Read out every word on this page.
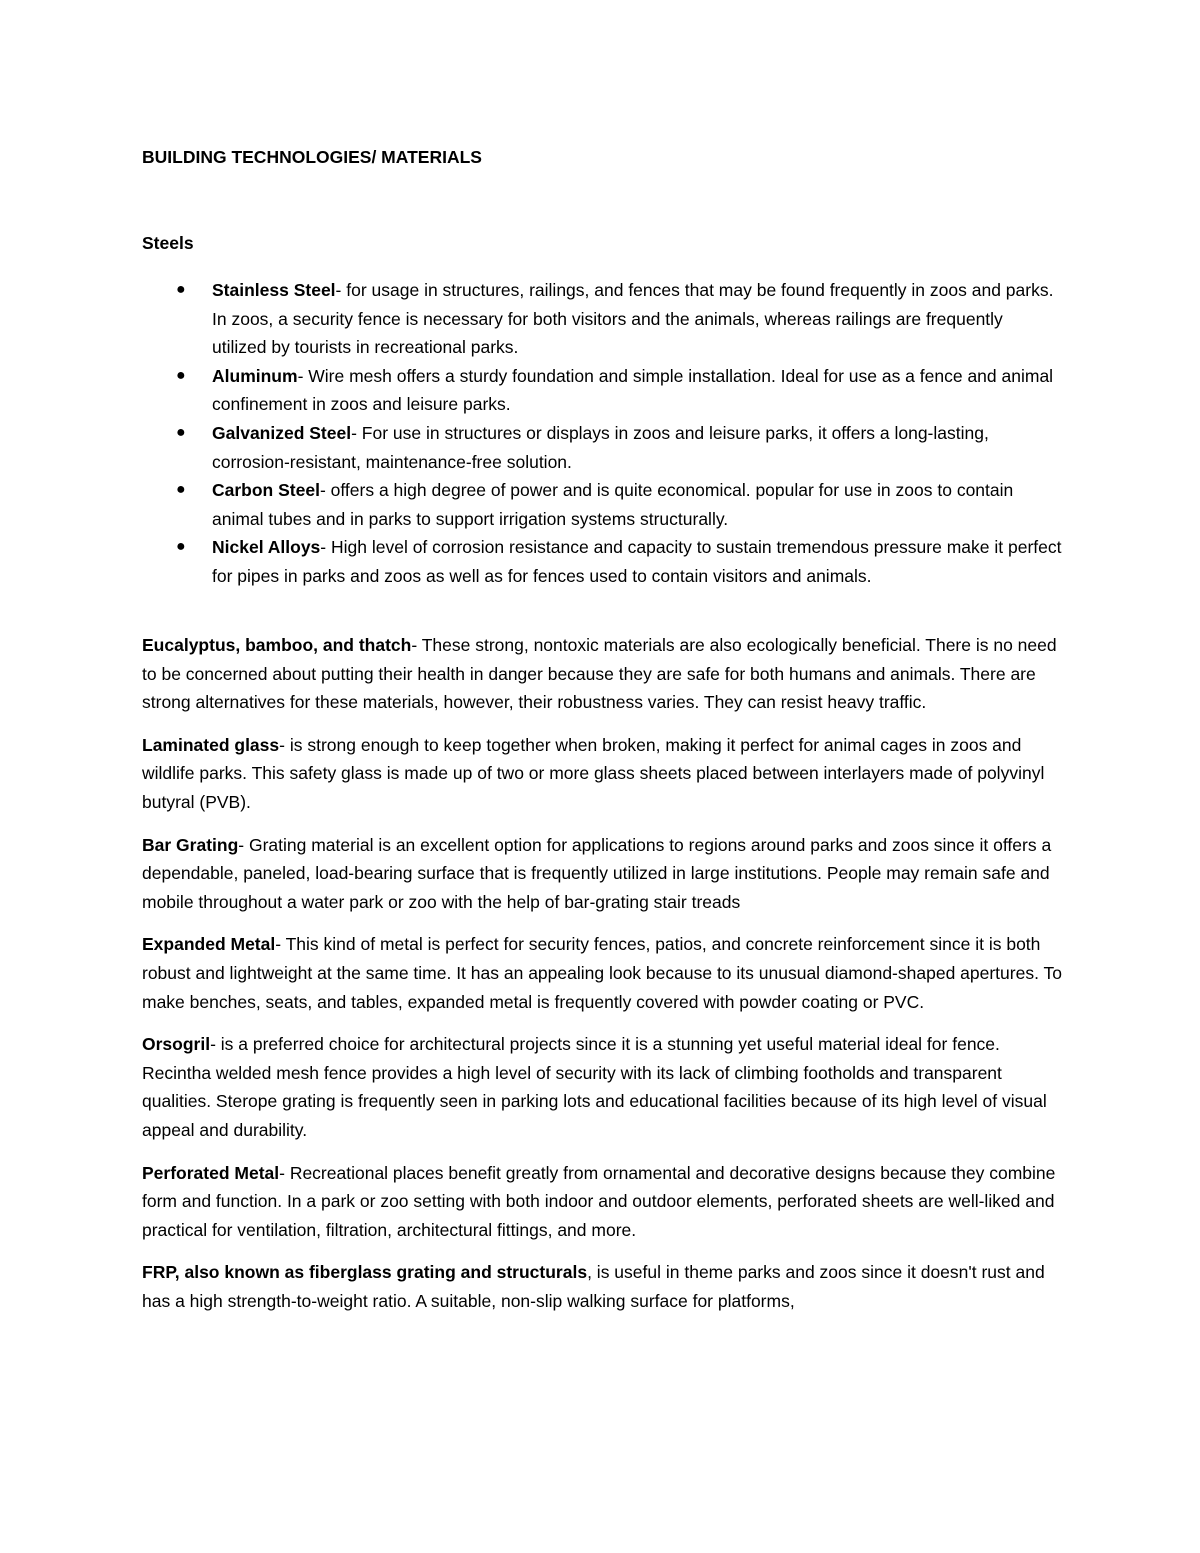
BUILDING TECHNOLOGIES/ MATERIALS

Steels

● Stainless Steel- for usage in structures, railings, and fences that may be found frequently in zoos and parks. In zoos, a security fence is necessary for both visitors and the animals, whereas railings are frequently utilized by tourists in recreational parks.
● Aluminum- Wire mesh offers a sturdy foundation and simple installation. Ideal for use as a fence and animal confinement in zoos and leisure parks.
● Galvanized Steel- For use in structures or displays in zoos and leisure parks, it offers a long-lasting, corrosion-resistant, maintenance-free solution.
● Carbon Steel- offers a high degree of power and is quite economical. popular for use in zoos to contain animal tubes and in parks to support irrigation systems structurally.
● Nickel Alloys- High level of corrosion resistance and capacity to sustain tremendous pressure make it perfect for pipes in parks and zoos as well as for fences used to contain visitors and animals.

Eucalyptus, bamboo, and thatch- These strong, nontoxic materials are also ecologically beneficial. There is no need to be concerned about putting their health in danger because they are safe for both humans and animals. There are strong alternatives for these materials, however, their robustness varies. They can resist heavy traffic.

Laminated glass- is strong enough to keep together when broken, making it perfect for animal cages in zoos and wildlife parks. This safety glass is made up of two or more glass sheets placed between interlayers made of polyvinyl butyral (PVB).

Bar Grating- Grating material is an excellent option for applications to regions around parks and zoos since it offers a dependable, paneled, load-bearing surface that is frequently utilized in large institutions. People may remain safe and mobile throughout a water park or zoo with the help of bar-grating stair treads

Expanded Metal- This kind of metal is perfect for security fences, patios, and concrete reinforcement since it is both robust and lightweight at the same time. It has an appealing look because to its unusual diamond-shaped apertures. To make benches, seats, and tables, expanded metal is frequently covered with powder coating or PVC.

Orsogril- is a preferred choice for architectural projects since it is a stunning yet useful material ideal for fence. Recintha welded mesh fence provides a high level of security with its lack of climbing footholds and transparent qualities. Sterope grating is frequently seen in parking lots and educational facilities because of its high level of visual appeal and durability.

Perforated Metal- Recreational places benefit greatly from ornamental and decorative designs because they combine form and function. In a park or zoo setting with both indoor and outdoor elements, perforated sheets are well-liked and practical for ventilation, filtration, architectural fittings, and more.

FRP, also known as fiberglass grating and structurals, is useful in theme parks and zoos since it doesn't rust and has a high strength-to-weight ratio. A suitable, non-slip walking surface for platforms,
